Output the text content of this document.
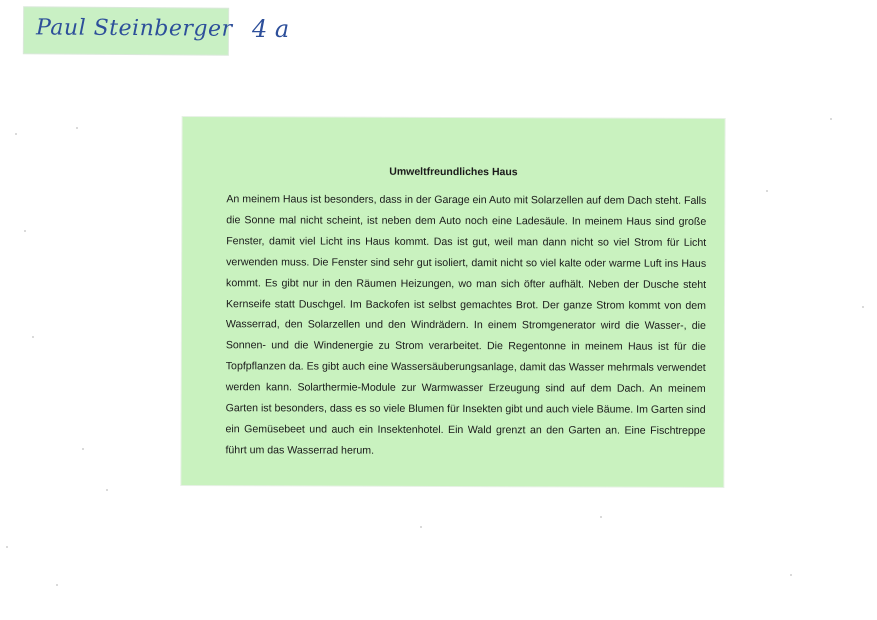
Paul Steinberger 4 a
Umweltfreundliches Haus

An meinem Haus ist besonders, dass in der Garage ein Auto mit Solarzellen auf dem Dach steht. Falls die Sonne mal nicht scheint, ist neben dem Auto noch eine Ladesäule. In meinem Haus sind große Fenster, damit viel Licht ins Haus kommt. Das ist gut, weil man dann nicht so viel Strom für Licht verwenden muss. Die Fenster sind sehr gut isoliert, damit nicht so viel kalte oder warme Luft ins Haus kommt. Es gibt nur in den Räumen Heizungen, wo man sich öfter aufhält. Neben der Dusche steht Kernseife statt Duschgel. Im Backofen ist selbst gemachtes Brot. Der ganze Strom kommt von dem Wasserrad, den Solarzellen und den Windrädern. In einem Stromgenerator wird die Wasser-, die Sonnen- und die Windenergie zu Strom verarbeitet. Die Regentonne in meinem Haus ist für die Topfpflanzen da. Es gibt auch eine Wassersäuberungsanlage, damit das Wasser mehrmals verwendet werden kann. Solarthermie-Module zur Warmwasser Erzeugung sind auf dem Dach. An meinem Garten ist besonders, dass es so viele Blumen für Insekten gibt und auch viele Bäume. Im Garten sind ein Gemüsebeet und auch ein Insektenhotel. Ein Wald grenzt an den Garten an. Eine Fischtreppe führt um das Wasserrad herum.
